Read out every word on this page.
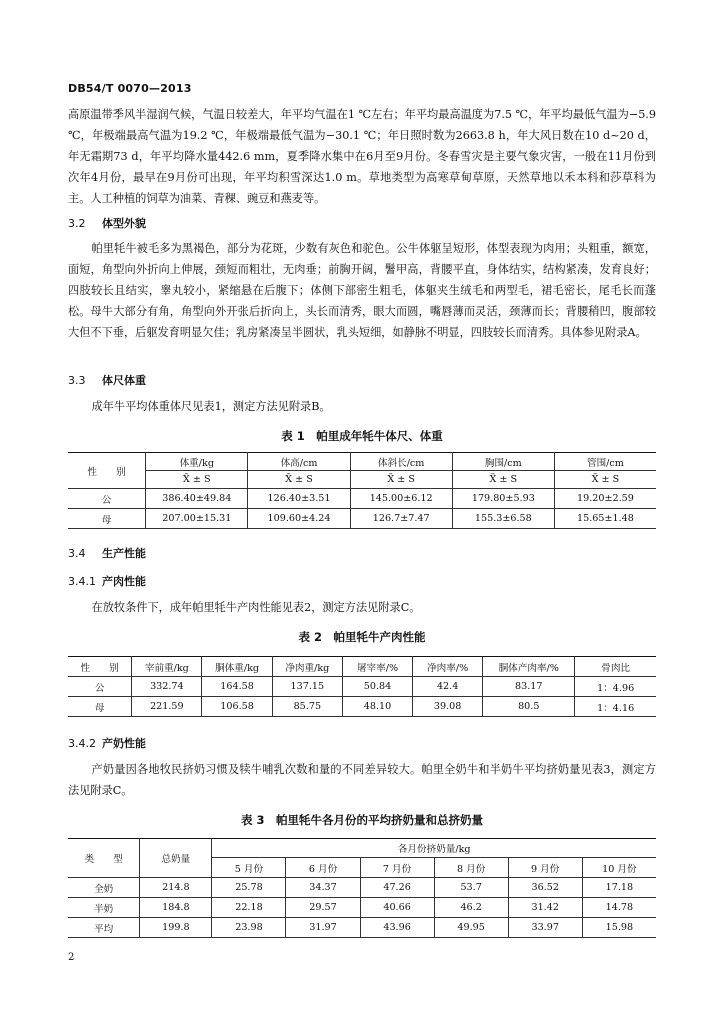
DB54/T 0070—2013

高原温带季风半湿润气候，气温日较差大，年平均气温在1 ℃左右；年平均最高温度为7.5 ℃，年平均最低气温为−5.9 ℃，年极端最高气温为19.2 ℃，年极端最低气温为−30.1 ℃；年日照时数为2663.8 h，年大风日数在10 d~20 d，年无霜期73 d，年平均降水量442.6 mm，夏季降水集中在6月至9月份。冬春雪灾是主要气象灾害，一般在11月份到次年4月份，最早在9月份可出现，年平均积雪深达1.0 m。草地类型为高寒草甸草原，天然草地以禾本科和莎草科为主。人工种植的饲草为油菜、青稞、豌豆和燕麦等。

3.2 体型外貌

帕里牦牛被毛多为黑褐色，部分为花斑，少数有灰色和驼色。公牛体躯呈短形，体型表现为肉用；头粗重，额宽，面短，角型向外折向上伸展，颈短而粗壮，无肉垂；前胸开阔，鬐甲高，背腰平直，身体结实，结构紧凑，发育良好；四肢较长且结实，睾丸较小，紧缩悬在后腹下；体侧下部密生粗毛，体躯夹生绒毛和两型毛，裙毛密长，尾毛长而蓬松。母牛大部分有角，角型向外开张后折向上，头长而清秀，眼大而圆，嘴唇薄而灵活，颈薄而长；背腰稍凹，腹部较大但不下垂，后躯发育明显欠佳；乳房紧凑呈半圆状，乳头短细，如静脉不明显，四肢较长而清秀。具体参见附录A。

3.3 体尺体重

成年牛平均体重体尺见表1，测定方法见附录B。

表 1　帕里成年牦牛体尺、体重
性　　别	体重/kg	体高/cm	体斜长/cm	胸围/cm	管围/cm
	X̄ ± S	X̄ ± S	X̄ ± S	X̄ ± S	X̄ ± S
公	386.40±49.84	126.40±3.51	145.00±6.12	179.80±5.93	19.20±2.59
母	207.00±15.31	109.60±4.24	126.7±7.47	155.3±6.58	15.65±1.48
3.4 生产性能
3.4.1 产肉性能

在放牧条件下，成年帕里牦牛产肉性能见表2，测定方法见附录C。

表 2　帕里牦牛产肉性能
性　　别	宰前重/kg	胴体重/kg	净肉重/kg	屠宰率/%	净肉率/%	胴体产肉率/%	骨肉比
公	332.74	164.58	137.15	50.84	42.4	83.17	1：4.96
母	221.59	106.58	85.75	48.10	39.08	80.5	1：4.16
3.4.2 产奶性能

产奶量因各地牧民挤奶习惯及犊牛哺乳次数和量的不同差异较大。帕里全奶牛和半奶牛平均挤奶量见表3，测定方法见附录C。

表 3　帕里牦牛各月份的平均挤奶量和总挤奶量
类　　型	总奶量	各月份挤奶量/kg					
		5 月份	6 月份	7 月份	8 月份	9 月份	10 月份
全奶	214.8	25.78	34.37	47.26	53.7	36.52	17.18
半奶	184.8	22.18	29.57	40.66	46.2	31.42	14.78
平均	199.8	23.98	31.97	43.96	49.95	33.97	15.98
2
